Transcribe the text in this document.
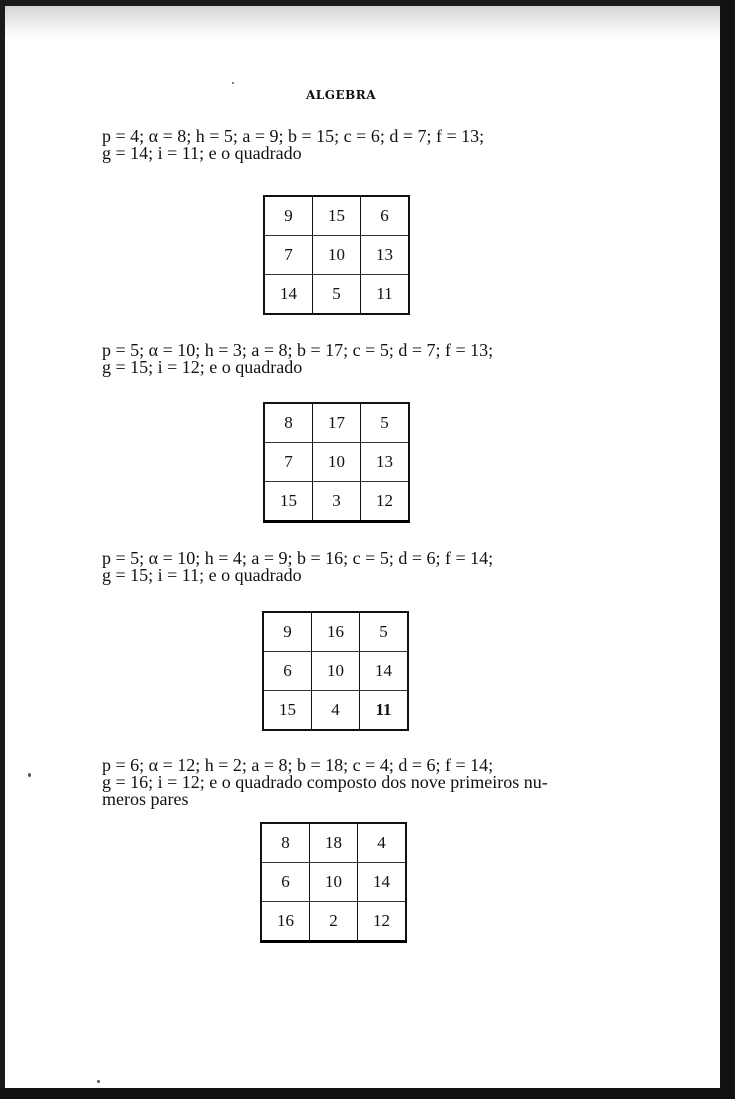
ALGEBRA
p = 4; α = 8; h = 5; a = 9; b = 15; c = 6; d = 7; f = 13;
g = 14; i = 11; e o quadrado
9	15	6
7	10	13
14	5	11
p = 5; α = 10; h = 3; a = 8; b = 17; c = 5; d = 7; f = 13;
g = 15; i = 12; e o quadrado
8	17	5
7	10	13
15	3	12
p = 5; α = 10; h = 4; a = 9; b = 16; c = 5; d = 6; f = 14;
g = 15; i = 11; e o quadrado
9	16	5
6	10	14
15	4	11
p = 6; α = 12; h = 2; a = 8; b = 18; c = 4; d = 6; f = 14;
g = 16; i = 12; e o quadrado composto dos nove primeiros nu-
meros pares
8	18	4
6	10	14
16	2	12
